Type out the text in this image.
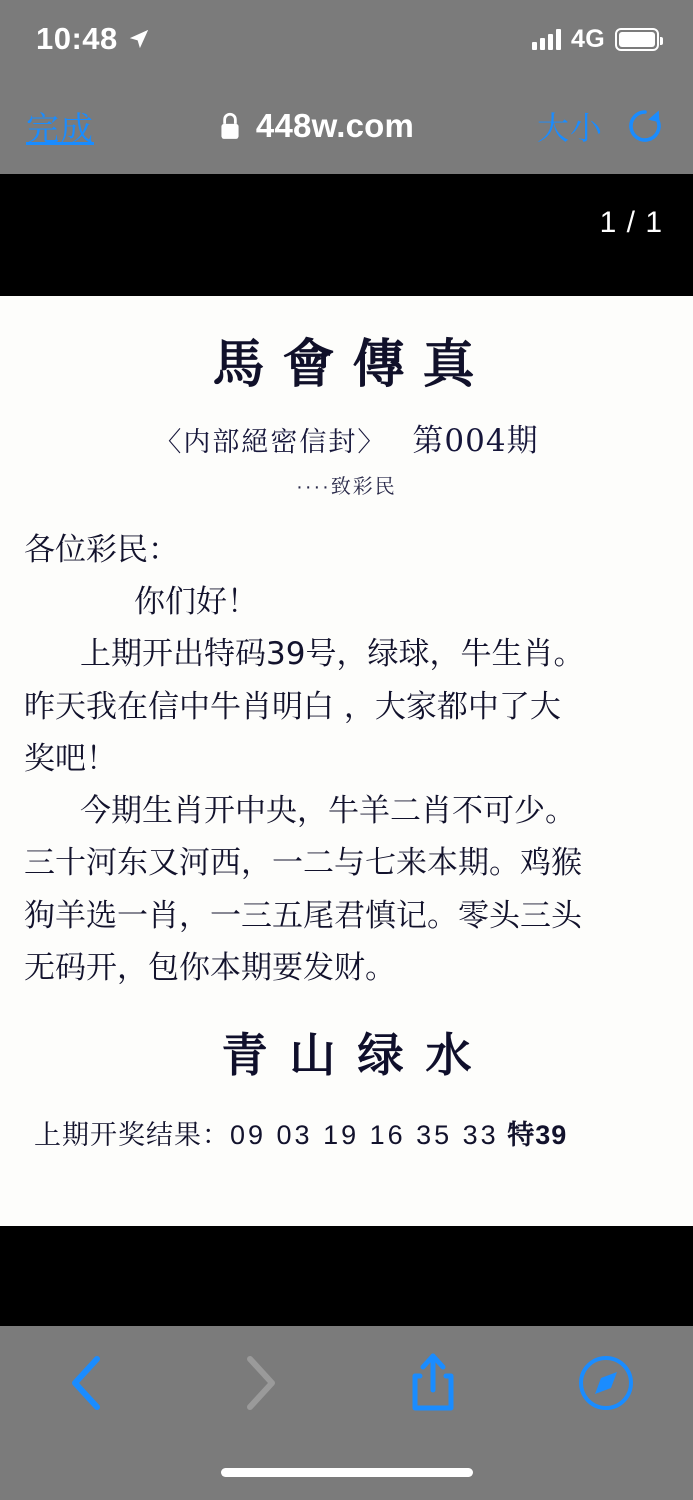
10:48	4G
完成	448w.com	大小
1 / 1
馬會傳真
〈内部絕密信封〉 第004期
····致彩民

各位彩民：

你们好！

上期开出特码39号，绿球，牛生肖。

昨天我在信中牛肖明白 ，大家都中了大

奖吧！

今期生肖开中央，牛羊二肖不可少。

三十河东又河西，一二与七来本期。鸡猴

狗羊选一肖，一三五尾君慎记。零头三头

无码开，包你本期要发财。

青山绿水
上期开奖结果：09 03 19 16 35 33 特39
